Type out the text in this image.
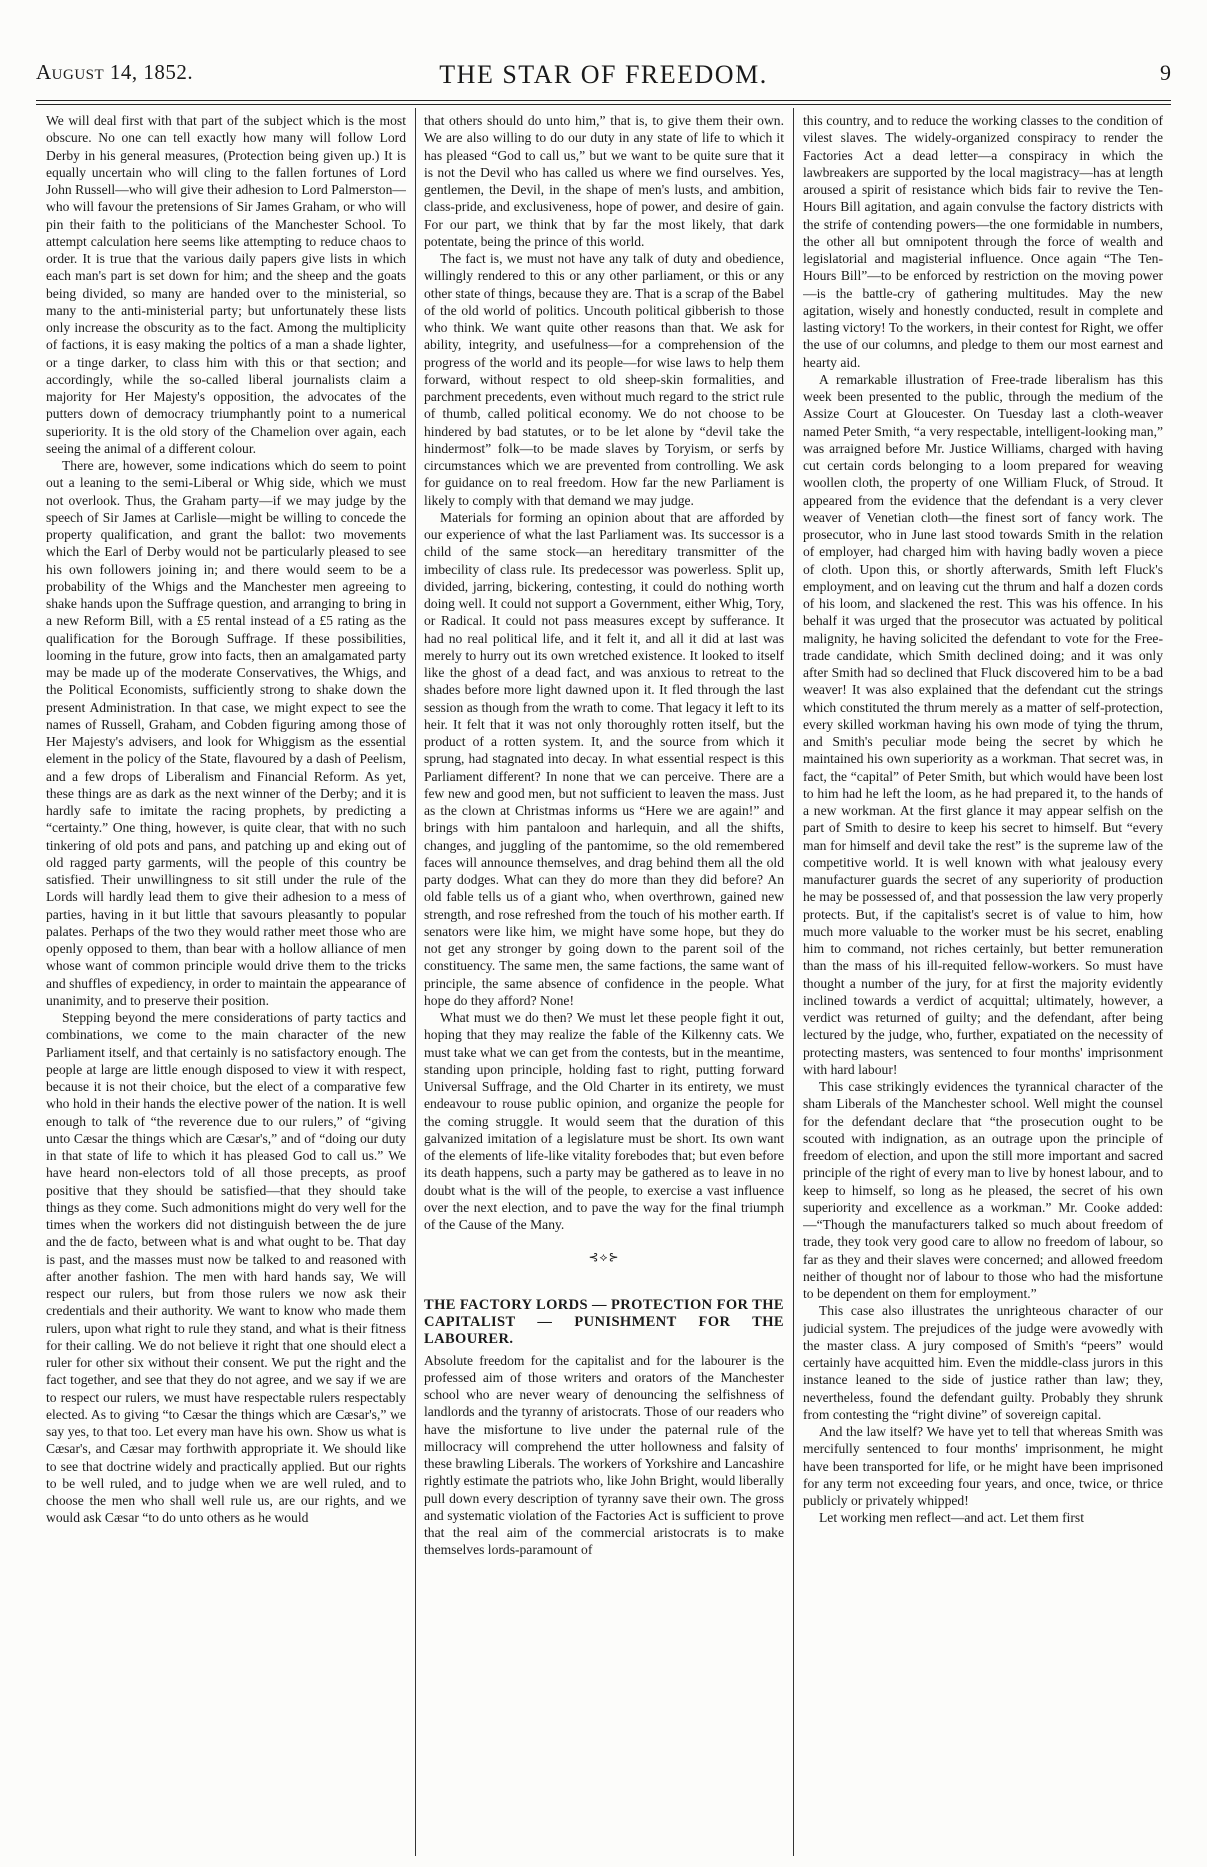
August 14, 1852.	THE STAR OF FREEDOM.	9

We will deal first with that part of the subject which is the most obscure. No one can tell exactly how many will follow Lord Derby in his general measures, (Protection being given up.) It is equally uncertain who will cling to the fallen fortunes of Lord John Russell—who will give their adhesion to Lord Palmerston—who will favour the pretensions of Sir James Graham, or who will pin their faith to the politicians of the Manchester School. To attempt calculation here seems like attempting to reduce chaos to order. It is true that the various daily papers give lists in which each man's part is set down for him; and the sheep and the goats being divided, so many are handed over to the ministerial, so many to the anti-ministerial party; but unfortunately these lists only increase the obscurity as to the fact. Among the multiplicity of factions, it is easy making the poltics of a man a shade lighter, or a tinge darker, to class him with this or that section; and accordingly, while the so-called liberal journalists claim a majority for Her Majesty's opposition, the advocates of the putters down of democracy triumphantly point to a numerical superiority. It is the old story of the Chamelion over again, each seeing the animal of a different colour.

There are, however, some indications which do seem to point out a leaning to the semi-Liberal or Whig side, which we must not overlook. Thus, the Graham party—if we may judge by the speech of Sir James at Carlisle—might be willing to concede the property qualification, and grant the ballot: two movements which the Earl of Derby would not be particularly pleased to see his own followers joining in; and there would seem to be a probability of the Whigs and the Manchester men agreeing to shake hands upon the Suffrage question, and arranging to bring in a new Reform Bill, with a £5 rental instead of a £5 rating as the qualification for the Borough Suffrage. If these possibilities, looming in the future, grow into facts, then an amalgamated party may be made up of the moderate Conservatives, the Whigs, and the Political Economists, sufficiently strong to shake down the present Administration. In that case, we might expect to see the names of Russell, Graham, and Cobden figuring among those of Her Majesty's advisers, and look for Whiggism as the essential element in the policy of the State, flavoured by a dash of Peelism, and a few drops of Liberalism and Financial Reform. As yet, these things are as dark as the next winner of the Derby; and it is hardly safe to imitate the racing prophets, by predicting a “certainty.” One thing, however, is quite clear, that with no such tinkering of old pots and pans, and patching up and eking out of old ragged party garments, will the people of this country be satisfied. Their unwillingness to sit still under the rule of the Lords will hardly lead them to give their adhesion to a mess of parties, having in it but little that savours pleasantly to popular palates. Perhaps of the two they would rather meet those who are openly opposed to them, than bear with a hollow alliance of men whose want of common principle would drive them to the tricks and shuffles of expediency, in order to maintain the appearance of unanimity, and to preserve their position.

Stepping beyond the mere considerations of party tactics and combinations, we come to the main character of the new Parliament itself, and that certainly is no satisfactory enough. The people at large are little enough disposed to view it with respect, because it is not their choice, but the elect of a comparative few who hold in their hands the elective power of the nation. It is well enough to talk of “the reverence due to our rulers,” of “giving unto Cæsar the things which are Cæsar's,” and of “doing our duty in that state of life to which it has pleased God to call us.” We have heard non-electors told of all those precepts, as proof positive that they should be satisfied—that they should take things as they come. Such admonitions might do very well for the times when the workers did not distinguish between the de jure and the de facto, between what is and what ought to be. That day is past, and the masses must now be talked to and reasoned with after another fashion. The men with hard hands say, We will respect our rulers, but from those rulers we now ask their credentials and their authority. We want to know who made them rulers, upon what right to rule they stand, and what is their fitness for their calling. We do not believe it right that one should elect a ruler for other six without their consent. We put the right and the fact together, and see that they do not agree, and we say if we are to respect our rulers, we must have respectable rulers respectably elected. As to giving “to Cæsar the things which are Cæsar's,” we say yes, to that too. Let every man have his own. Show us what is Cæsar's, and Cæsar may forthwith appropriate it. We should like to see that doctrine widely and practically applied. But our rights to be well ruled, and to judge when we are well ruled, and to choose the men who shall well rule us, are our rights, and we would ask Cæsar “to do unto others as he would

that others should do unto him,” that is, to give them their own. We are also willing to do our duty in any state of life to which it has pleased “God to call us,” but we want to be quite sure that it is not the Devil who has called us where we find ourselves. Yes, gentlemen, the Devil, in the shape of men's lusts, and ambition, class-pride, and exclusiveness, hope of power, and desire of gain. For our part, we think that by far the most likely, that dark potentate, being the prince of this world.

The fact is, we must not have any talk of duty and obedience, willingly rendered to this or any other parliament, or this or any other state of things, because they are. That is a scrap of the Babel of the old world of politics. Uncouth political gibberish to those who think. We want quite other reasons than that. We ask for ability, integrity, and usefulness—for a comprehension of the progress of the world and its people—for wise laws to help them forward, without respect to old sheep-skin formalities, and parchment precedents, even without much regard to the strict rule of thumb, called political economy. We do not choose to be hindered by bad statutes, or to be let alone by “devil take the hindermost” folk—to be made slaves by Toryism, or serfs by circumstances which we are prevented from controlling. We ask for guidance on to real freedom. How far the new Parliament is likely to comply with that demand we may judge.

Materials for forming an opinion about that are afforded by our experience of what the last Parliament was. Its successor is a child of the same stock—an hereditary transmitter of the imbecility of class rule. Its predecessor was powerless. Split up, divided, jarring, bickering, contesting, it could do nothing worth doing well. It could not support a Government, either Whig, Tory, or Radical. It could not pass measures except by sufferance. It had no real political life, and it felt it, and all it did at last was merely to hurry out its own wretched existence. It looked to itself like the ghost of a dead fact, and was anxious to retreat to the shades before more light dawned upon it. It fled through the last session as though from the wrath to come. That legacy it left to its heir. It felt that it was not only thoroughly rotten itself, but the product of a rotten system. It, and the source from which it sprung, had stagnated into decay. In what essential respect is this Parliament different? In none that we can perceive. There are a few new and good men, but not sufficient to leaven the mass. Just as the clown at Christmas informs us “Here we are again!” and brings with him pantaloon and harlequin, and all the shifts, changes, and juggling of the pantomime, so the old remembered faces will announce themselves, and drag behind them all the old party dodges. What can they do more than they did before? An old fable tells us of a giant who, when overthrown, gained new strength, and rose refreshed from the touch of his mother earth. If senators were like him, we might have some hope, but they do not get any stronger by going down to the parent soil of the constituency. The same men, the same factions, the same want of principle, the same absence of confidence in the people. What hope do they afford? None!

What must we do then? We must let these people fight it out, hoping that they may realize the fable of the Kilkenny cats. We must take what we can get from the contests, but in the meantime, standing upon principle, holding fast to right, putting forward Universal Suffrage, and the Old Charter in its entirety, we must endeavour to rouse public opinion, and organize the people for the coming struggle. It would seem that the duration of this galvanized imitation of a legislature must be short. Its own want of the elements of life-like vitality forebodes that; but even before its death happens, such a party may be gathered as to leave in no doubt what is the will of the people, to exercise a vast influence over the next election, and to pave the way for the final triumph of the Cause of the Many.

⊰⟡⊱
THE FACTORY LORDS — PROTECTION FOR THE CAPITALIST — PUNISHMENT FOR THE LABOURER.

Absolute freedom for the capitalist and for the labourer is the professed aim of those writers and orators of the Manchester school who are never weary of denouncing the selfishness of landlords and the tyranny of aristocrats. Those of our readers who have the misfortune to live under the paternal rule of the millocracy will comprehend the utter hollowness and falsity of these brawling Liberals. The workers of Yorkshire and Lancashire rightly estimate the patriots who, like John Bright, would liberally pull down every description of tyranny save their own. The gross and systematic violation of the Factories Act is sufficient to prove that the real aim of the commercial aristocrats is to make themselves lords-paramount of

this country, and to reduce the working classes to the condition of vilest slaves. The widely-organized conspiracy to render the Factories Act a dead letter—a conspiracy in which the lawbreakers are supported by the local magistracy—has at length aroused a spirit of resistance which bids fair to revive the Ten-Hours Bill agitation, and again convulse the factory districts with the strife of contending powers—the one formidable in numbers, the other all but omnipotent through the force of wealth and legislatorial and magisterial influence. Once again “The Ten-Hours Bill”—to be enforced by restriction on the moving power—is the battle-cry of gathering multitudes. May the new agitation, wisely and honestly conducted, result in complete and lasting victory! To the workers, in their contest for Right, we offer the use of our columns, and pledge to them our most earnest and hearty aid.

A remarkable illustration of Free-trade liberalism has this week been presented to the public, through the medium of the Assize Court at Gloucester. On Tuesday last a cloth-weaver named Peter Smith, “a very respectable, intelligent-looking man,” was arraigned before Mr. Justice Williams, charged with having cut certain cords belonging to a loom prepared for weaving woollen cloth, the property of one William Fluck, of Stroud. It appeared from the evidence that the defendant is a very clever weaver of Venetian cloth—the finest sort of fancy work. The prosecutor, who in June last stood towards Smith in the relation of employer, had charged him with having badly woven a piece of cloth. Upon this, or shortly afterwards, Smith left Fluck's employment, and on leaving cut the thrum and half a dozen cords of his loom, and slackened the rest. This was his offence. In his behalf it was urged that the prosecutor was actuated by political malignity, he having solicited the defendant to vote for the Free-trade candidate, which Smith declined doing; and it was only after Smith had so declined that Fluck discovered him to be a bad weaver! It was also explained that the defendant cut the strings which constituted the thrum merely as a matter of self-protection, every skilled workman having his own mode of tying the thrum, and Smith's peculiar mode being the secret by which he maintained his own superiority as a workman. That secret was, in fact, the “capital” of Peter Smith, but which would have been lost to him had he left the loom, as he had prepared it, to the hands of a new workman. At the first glance it may appear selfish on the part of Smith to desire to keep his secret to himself. But “every man for himself and devil take the rest” is the supreme law of the competitive world. It is well known with what jealousy every manufacturer guards the secret of any superiority of production he may be possessed of, and that possession the law very properly protects. But, if the capitalist's secret is of value to him, how much more valuable to the worker must be his secret, enabling him to command, not riches certainly, but better remuneration than the mass of his ill-requited fellow-workers. So must have thought a number of the jury, for at first the majority evidently inclined towards a verdict of acquittal; ultimately, however, a verdict was returned of guilty; and the defendant, after being lectured by the judge, who, further, expatiated on the necessity of protecting masters, was sentenced to four months' imprisonment with hard labour!

This case strikingly evidences the tyrannical character of the sham Liberals of the Manchester school. Well might the counsel for the defendant declare that “the prosecution ought to be scouted with indignation, as an outrage upon the principle of freedom of election, and upon the still more important and sacred principle of the right of every man to live by honest labour, and to keep to himself, so long as he pleased, the secret of his own superiority and excellence as a workman.” Mr. Cooke added:—“Though the manufacturers talked so much about freedom of trade, they took very good care to allow no freedom of labour, so far as they and their slaves were concerned; and allowed freedom neither of thought nor of labour to those who had the misfortune to be dependent on them for employment.”

This case also illustrates the unrighteous character of our judicial system. The prejudices of the judge were avowedly with the master class. A jury composed of Smith's “peers” would certainly have acquitted him. Even the middle-class jurors in this instance leaned to the side of justice rather than law; they, nevertheless, found the defendant guilty. Probably they shrunk from contesting the “right divine” of sovereign capital.

And the law itself? We have yet to tell that whereas Smith was mercifully sentenced to four months' imprisonment, he might have been transported for life, or he might have been imprisoned for any term not exceeding four years, and once, twice, or thrice publicly or privately whipped!

Let working men reflect—and act. Let them first
